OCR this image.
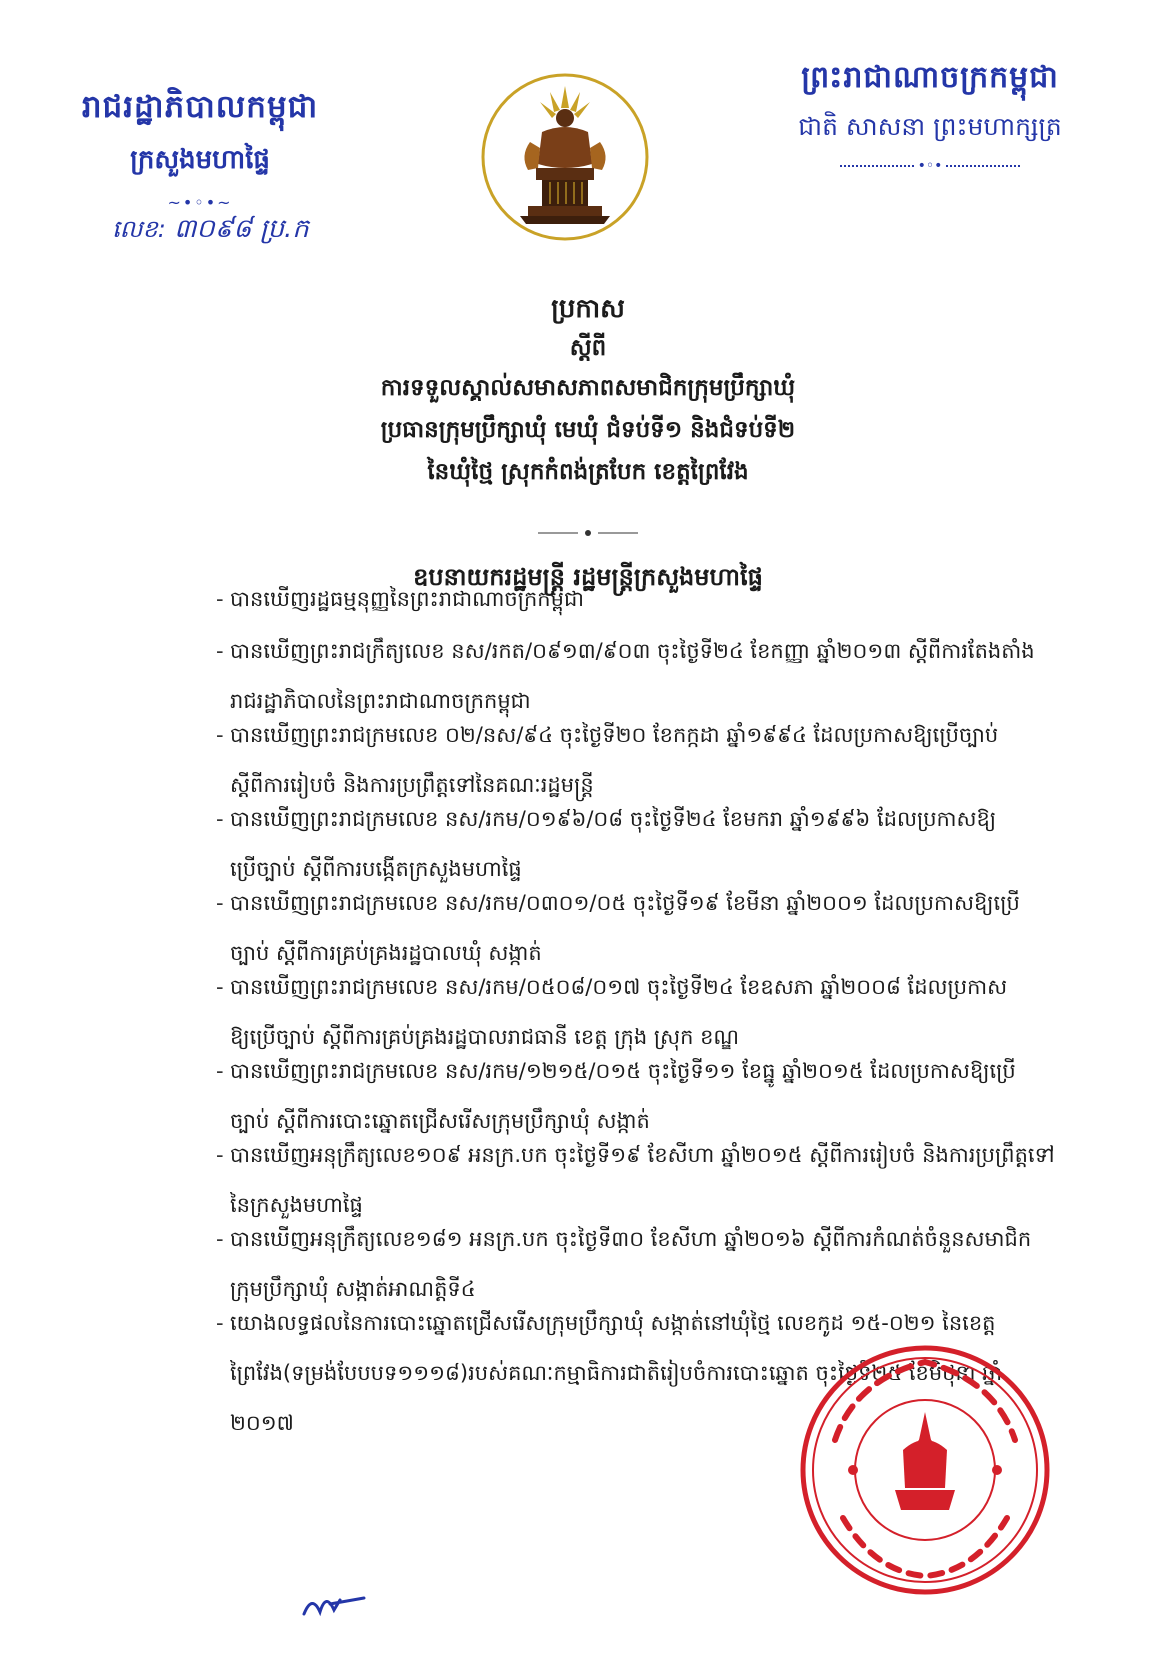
រាជរដ្ឋាភិបាលកម្ពុជា
ក្រសួងមហាផ្ទៃ
~•◦•~
លេខ: ៣០៩៨ ប្រ.ក
ព្រះរាជាណាចក្រកម្ពុជា
ជាតិ សាសនា ព្រះមហាក្សត្រ
•◦•
ប្រកាស
ស្តីពី
ការទទួលស្គាល់សមាសភាពសមាជិកក្រុមប្រឹក្សាឃុំ
ប្រធានក្រុមប្រឹក្សាឃុំ មេឃុំ ជំទប់ទី១ និងជំទប់ទី២
នៃឃុំថ្មៃ ស្រុកកំពង់ត្របែក ខេត្តព្រៃវែង
ឧបនាយករដ្ឋមន្ត្រី រដ្ឋមន្ត្រីក្រសួងមហាផ្ទៃ
- បានឃើញរដ្ឋធម្មនុញ្ញនៃព្រះរាជាណាចក្រកម្ពុជា
- បានឃើញព្រះរាជក្រឹត្យលេខ នស/រកត/០៩១៣/៩០៣ ចុះថ្ងៃទី២៤ ខែកញ្ញា ឆ្នាំ២០១៣ ស្តីពីការតែងតាំង
រាជរដ្ឋាភិបាលនៃព្រះរាជាណាចក្រកម្ពុជា
- បានឃើញព្រះរាជក្រមលេខ ០២/នស/៩៤ ចុះថ្ងៃទី២០ ខែកក្កដា ឆ្នាំ១៩៩៤ ដែលប្រកាសឱ្យប្រើច្បាប់
ស្តីពីការរៀបចំ និងការប្រព្រឹត្តទៅនៃគណៈរដ្ឋមន្ត្រី
- បានឃើញព្រះរាជក្រមលេខ នស/រកម/០១៩៦/០៨ ចុះថ្ងៃទី២៤ ខែមករា ឆ្នាំ១៩៩៦ ដែលប្រកាសឱ្យ
ប្រើច្បាប់ ស្តីពីការបង្កើតក្រសួងមហាផ្ទៃ
- បានឃើញព្រះរាជក្រមលេខ នស/រកម/០៣០១/០៥ ចុះថ្ងៃទី១៩ ខែមីនា ឆ្នាំ២០០១ ដែលប្រកាសឱ្យប្រើ
ច្បាប់ ស្តីពីការគ្រប់គ្រងរដ្ឋបាលឃុំ សង្កាត់
- បានឃើញព្រះរាជក្រមលេខ នស/រកម/០៥០៨/០១៧ ចុះថ្ងៃទី២៤ ខែឧសភា ឆ្នាំ២០០៨ ដែលប្រកាស
ឱ្យប្រើច្បាប់ ស្តីពីការគ្រប់គ្រងរដ្ឋបាលរាជធានី ខេត្ត ក្រុង ស្រុក ខណ្ឌ
- បានឃើញព្រះរាជក្រមលេខ នស/រកម/១២១៥/០១៥ ចុះថ្ងៃទី១១ ខែធ្នូ ឆ្នាំ២០១៥ ដែលប្រកាសឱ្យប្រើ
ច្បាប់ ស្តីពីការបោះឆ្នោតជ្រើសរើសក្រុមប្រឹក្សាឃុំ សង្កាត់
- បានឃើញអនុក្រឹត្យលេខ១០៩ អនក្រ.បក ចុះថ្ងៃទី១៩ ខែសីហា ឆ្នាំ២០១៥ ស្តីពីការរៀបចំ និងការប្រព្រឹត្តទៅ
នៃក្រសួងមហាផ្ទៃ
- បានឃើញអនុក្រឹត្យលេខ១៨១ អនក្រ.បក ចុះថ្ងៃទី៣០ ខែសីហា ឆ្នាំ២០១៦ ស្តីពីការកំណត់ចំនួនសមាជិក
ក្រុមប្រឹក្សាឃុំ សង្កាត់អាណត្តិទី៤
- យោងលទ្ធផលនៃការបោះឆ្នោតជ្រើសរើសក្រុមប្រឹក្សាឃុំ សង្កាត់នៅឃុំថ្មៃ លេខកូដ ១៥-០២១ នៃខេត្ត
ព្រៃវែង(ទម្រង់បែបបទ១១១៨)របស់គណៈកម្មាធិការជាតិរៀបចំការបោះឆ្នោត ចុះថ្ងៃទី២៥ ខែមិថុនា ឆ្នាំ
២០១៧
